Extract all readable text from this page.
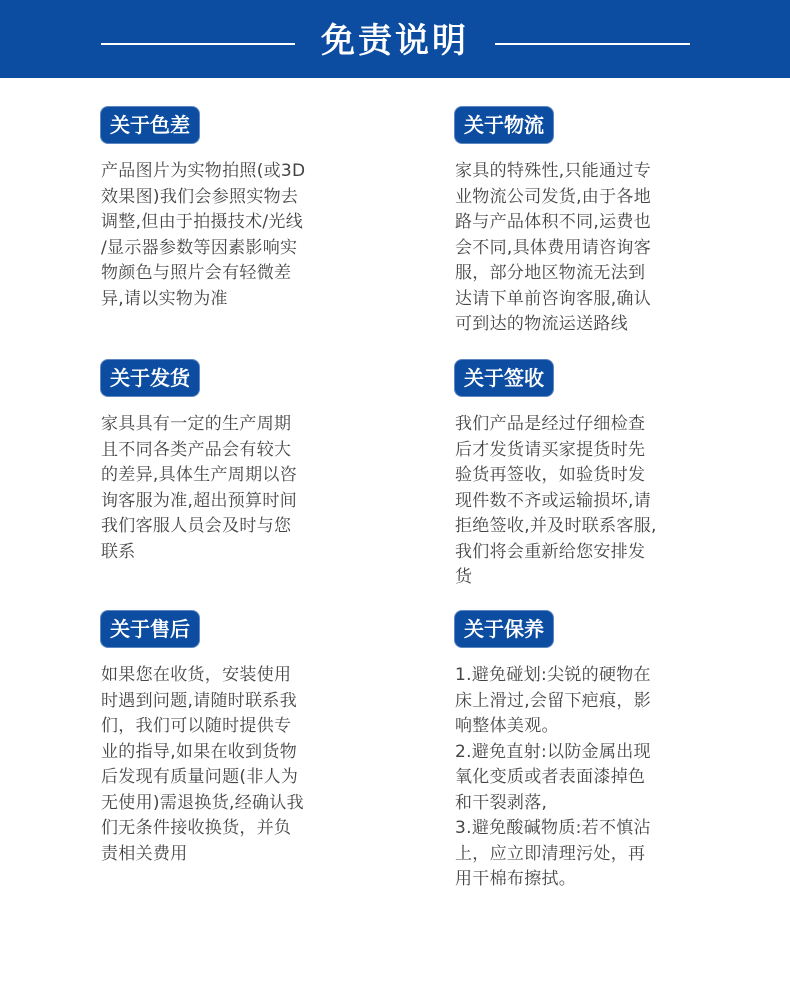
免责说明
关于色差
产品图片为实物拍照(或3D
效果图)我们会参照实物去
调整,但由于拍摄技术/光线
/显示器参数等因素影响实
物颜色与照片会有轻微差
异,请以实物为准
关于物流
家具的特殊性,只能通过专
业物流公司发货,由于各地
路与产品体积不同,运费也
会不同,具体费用请咨询客
服，部分地区物流无法到
达请下单前咨询客服,确认
可到达的物流运送路线
关于发货
家具具有一定的生产周期
且不同各类产品会有较大
的差异,具体生产周期以咨
询客服为准,超出预算时间
我们客服人员会及时与您
联系
关于签收
我们产品是经过仔细检查
后才发货请买家提货时先
验货再签收，如验货时发
现件数不齐或运输损坏,请
拒绝签收,并及时联系客服,
我们将会重新给您安排发
货
关于售后
如果您在收货，安装使用
时遇到问题,请随时联系我
们，我们可以随时提供专
业的指导,如果在收到货物
后发现有质量问题(非人为
无使用)需退换货,经确认我
们无条件接收换货，并负
责相关费用
关于保养
1.避免碰划:尖锐的硬物在
床上滑过,会留下疤痕，影
响整体美观。
2.避免直射:以防金属出现
氧化变质或者表面漆掉色
和干裂剥落,
3.避免酸碱物质:若不慎沾
上，应立即清理污处，再
用干棉布擦拭。
